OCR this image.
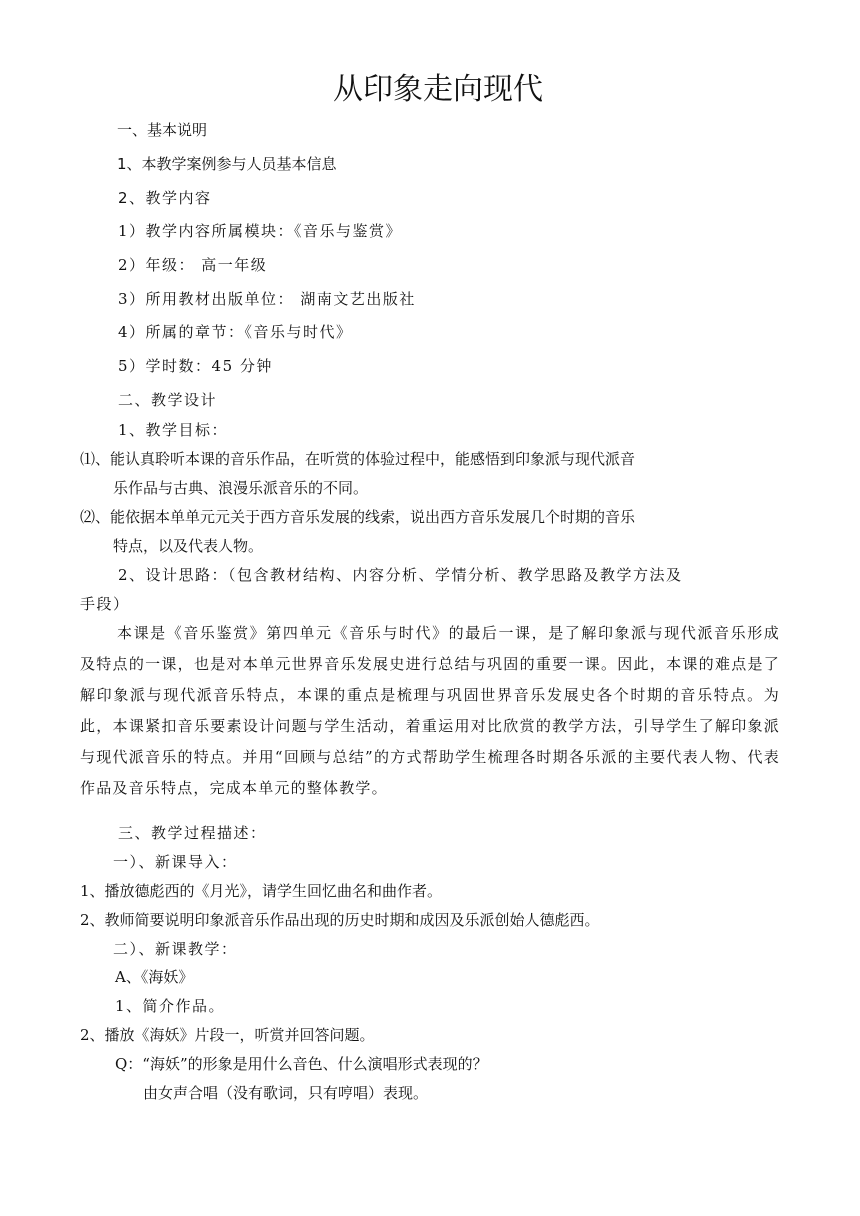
从印象走向现代
一、基本说明
1、本教学案例参与人员基本信息
2、教学内容
1）教学内容所属模块：《音乐与鉴赏》
2）年级： 高一年级
3）所用教材出版单位： 湖南文艺出版社
4）所属的章节：《音乐与时代》
5）学时数：45 分钟
二、教学设计
1、教学目标：
⑴、能认真聆听本课的音乐作品，在听赏的体验过程中，能感悟到印象派与现代派音
乐作品与古典、浪漫乐派音乐的不同。
⑵、能依据本单单元元关于西方音乐发展的线索，说出西方音乐发展几个时期的音乐
特点，以及代表人物。
2、设计思路：（包含教材结构、内容分析、学情分析、教学思路及教学方法及
手段）
本课是《音乐鉴赏》第四单元《音乐与时代》的最后一课，是了解印象派与现代派音乐形成及特点的一课，也是对本单元世界音乐发展史进行总结与巩固的重要一课。因此，本课的难点是了解印象派与现代派音乐特点，本课的重点是梳理与巩固世界音乐发展史各个时期的音乐特点。为此，本课紧扣音乐要素设计问题与学生活动，着重运用对比欣赏的教学方法，引导学生了解印象派与现代派音乐的特点。并用“回顾与总结”的方式帮助学生梳理各时期各乐派的主要代表人物、代表作品及音乐特点，完成本单元的整体教学。
三、教学过程描述：
一）、新课导入：
1、播放德彪西的《月光》，请学生回忆曲名和曲作者。
2、教师简要说明印象派音乐作品出现的历史时期和成因及乐派创始人德彪西。
二）、新课教学：
A、《海妖》
1、简介作品。
2、播放《海妖》片段一，听赏并回答问题。
Q：“海妖”的形象是用什么音色、什么演唱形式表现的？
由女声合唱（没有歌词，只有哼唱）表现。
